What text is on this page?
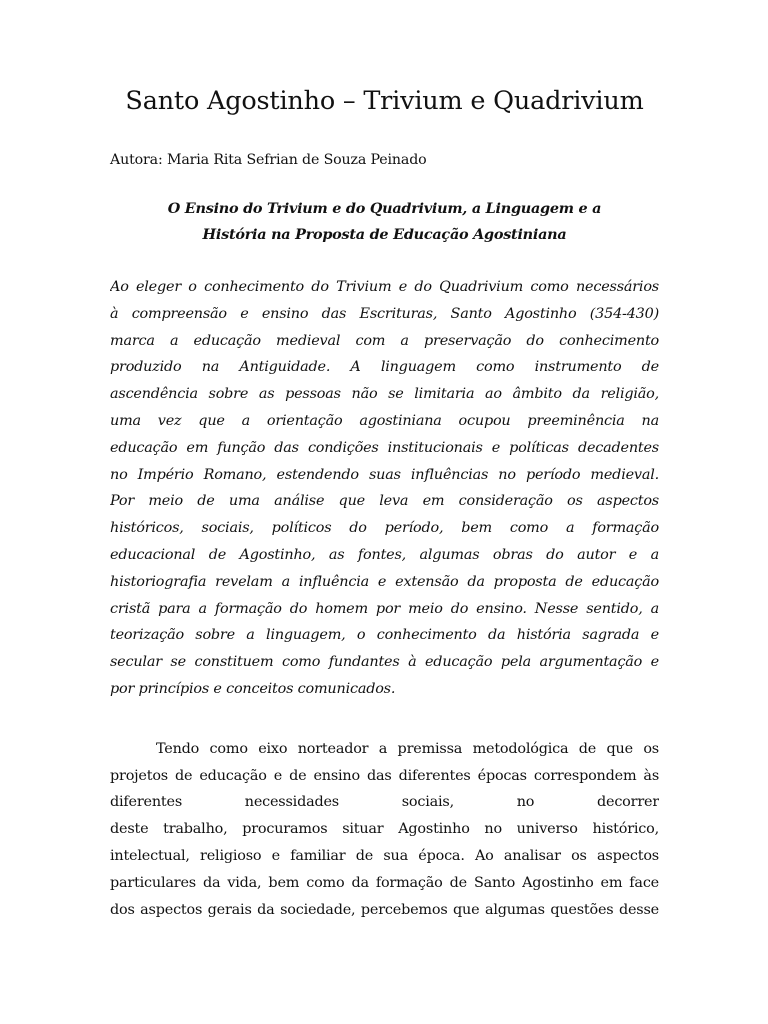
Santo Agostinho – Trivium e Quadrivium

Autora: Maria Rita Sefrian de Souza Peinado

O Ensino do Trivium e do Quadrivium, a Linguagem e a
História na Proposta de Educação Agostiniana

Ao eleger o conhecimento do Trivium e do Quadrivium como necessários
à compreensão e ensino das Escrituras, Santo Agostinho (354-430)
marca a educação medieval com a preservação do conhecimento
produzido na Antiguidade. A linguagem como instrumento de
ascendência sobre as pessoas não se limitaria ao âmbito da religião,
uma vez que a orientação agostiniana ocupou preeminência na
educação em função das condições institucionais e políticas decadentes
no Império Romano, estendendo suas influências no período medieval.
Por meio de uma análise que leva em consideração os aspectos
históricos, sociais, políticos do período, bem como a formação
educacional de Agostinho, as fontes, algumas obras do autor e a
historiografia revelam a influência e extensão da proposta de educação
cristã para a formação do homem por meio do ensino. Nesse sentido, a
teorização sobre a linguagem, o conhecimento da história sagrada e
secular se constituem como fundantes à educação pela argumentação e
por princípios e conceitos comunicados.

Tendo como eixo norteador a premissa metodológica de que os
projetos de educação e de ensino das diferentes épocas correspondem às
diferentes necessidades sociais, no decorrer
deste trabalho, procuramos situar Agostinho no universo histórico,
intelectual, religioso e familiar de sua época. Ao analisar os aspectos
particulares da vida, bem como da formação de Santo Agostinho em face
dos aspectos gerais da sociedade, percebemos que algumas questões desse
